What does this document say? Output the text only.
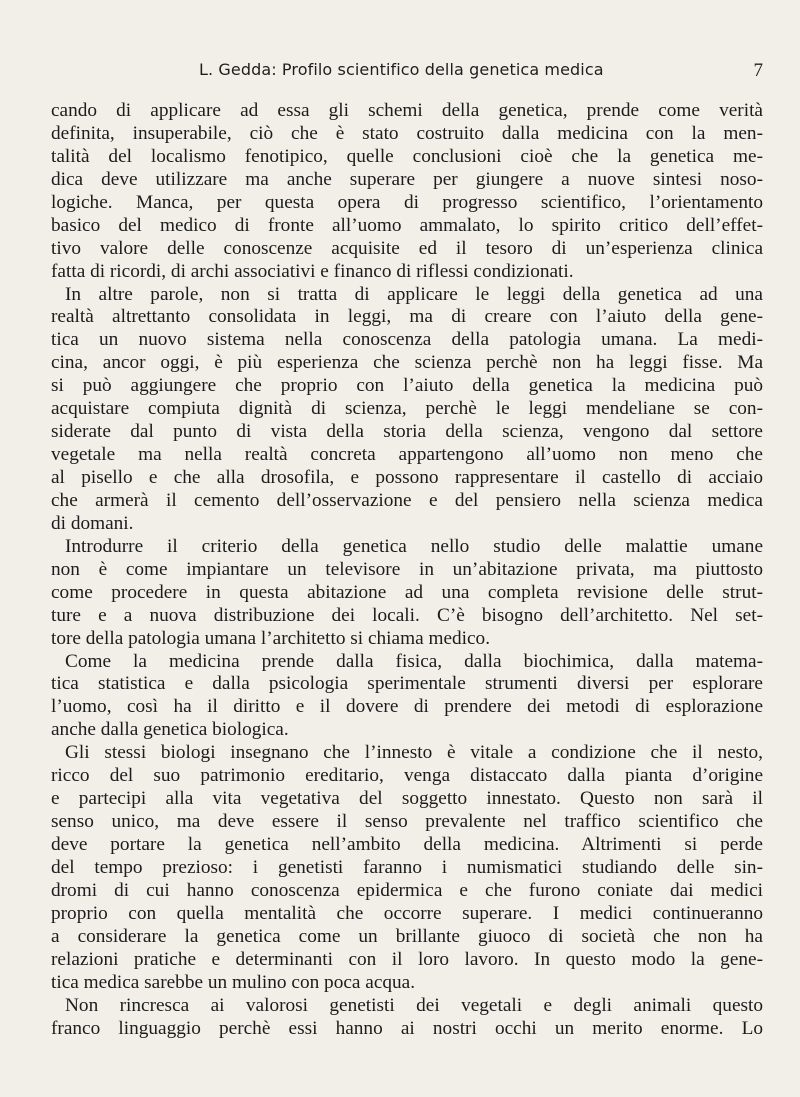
L. Gedda: Profilo scientifico della genetica medica	7
cando di applicare ad essa gli schemi della genetica, prende come verità
definita, insuperabile, ciò che è stato costruito dalla medicina con la men-
talità del localismo fenotipico, quelle conclusioni cioè che la genetica me-
dica deve utilizzare ma anche superare per giungere a nuove sintesi noso-
logiche. Manca, per questa opera di progresso scientifico, l’orientamento
basico del medico di fronte all’uomo ammalato, lo spirito critico dell’effet-
tivo valore delle conoscenze acquisite ed il tesoro di un’esperienza clinica
fatta di ricordi, di archi associativi e financo di riflessi condizionati.
In altre parole, non si tratta di applicare le leggi della genetica ad una
realtà altrettanto consolidata in leggi, ma di creare con l’aiuto della gene-
tica un nuovo sistema nella conoscenza della patologia umana. La medi-
cina, ancor oggi, è più esperienza che scienza perchè non ha leggi fisse. Ma
si può aggiungere che proprio con l’aiuto della genetica la medicina può
acquistare compiuta dignità di scienza, perchè le leggi mendeliane se con-
siderate dal punto di vista della storia della scienza, vengono dal settore
vegetale ma nella realtà concreta appartengono all’uomo non meno che
al pisello e che alla drosofila, e possono rappresentare il castello di acciaio
che armerà il cemento dell’osservazione e del pensiero nella scienza medica
di domani.
Introdurre il criterio della genetica nello studio delle malattie umane
non è come impiantare un televisore in un’abitazione privata, ma piuttosto
come procedere in questa abitazione ad una completa revisione delle strut-
ture e a nuova distribuzione dei locali. C’è bisogno dell’architetto. Nel set-
tore della patologia umana l’architetto si chiama medico.
Come la medicina prende dalla fisica, dalla biochimica, dalla matema-
tica statistica e dalla psicologia sperimentale strumenti diversi per esplorare
l’uomo, così ha il diritto e il dovere di prendere dei metodi di esplorazione
anche dalla genetica biologica.
Gli stessi biologi insegnano che l’innesto è vitale a condizione che il nesto,
ricco del suo patrimonio ereditario, venga distaccato dalla pianta d’origine
e partecipi alla vita vegetativa del soggetto innestato. Questo non sarà il
senso unico, ma deve essere il senso prevalente nel traffico scientifico che
deve portare la genetica nell’ambito della medicina. Altrimenti si perde
del tempo prezioso: i genetisti faranno i numismatici studiando delle sin-
dromi di cui hanno conoscenza epidermica e che furono coniate dai medici
proprio con quella mentalità che occorre superare. I medici continueranno
a considerare la genetica come un brillante giuoco di società che non ha
relazioni pratiche e determinanti con il loro lavoro. In questo modo la gene-
tica medica sarebbe un mulino con poca acqua.
Non rincresca ai valorosi genetisti dei vegetali e degli animali questo
franco linguaggio perchè essi hanno ai nostri occhi un merito enorme. Lo
